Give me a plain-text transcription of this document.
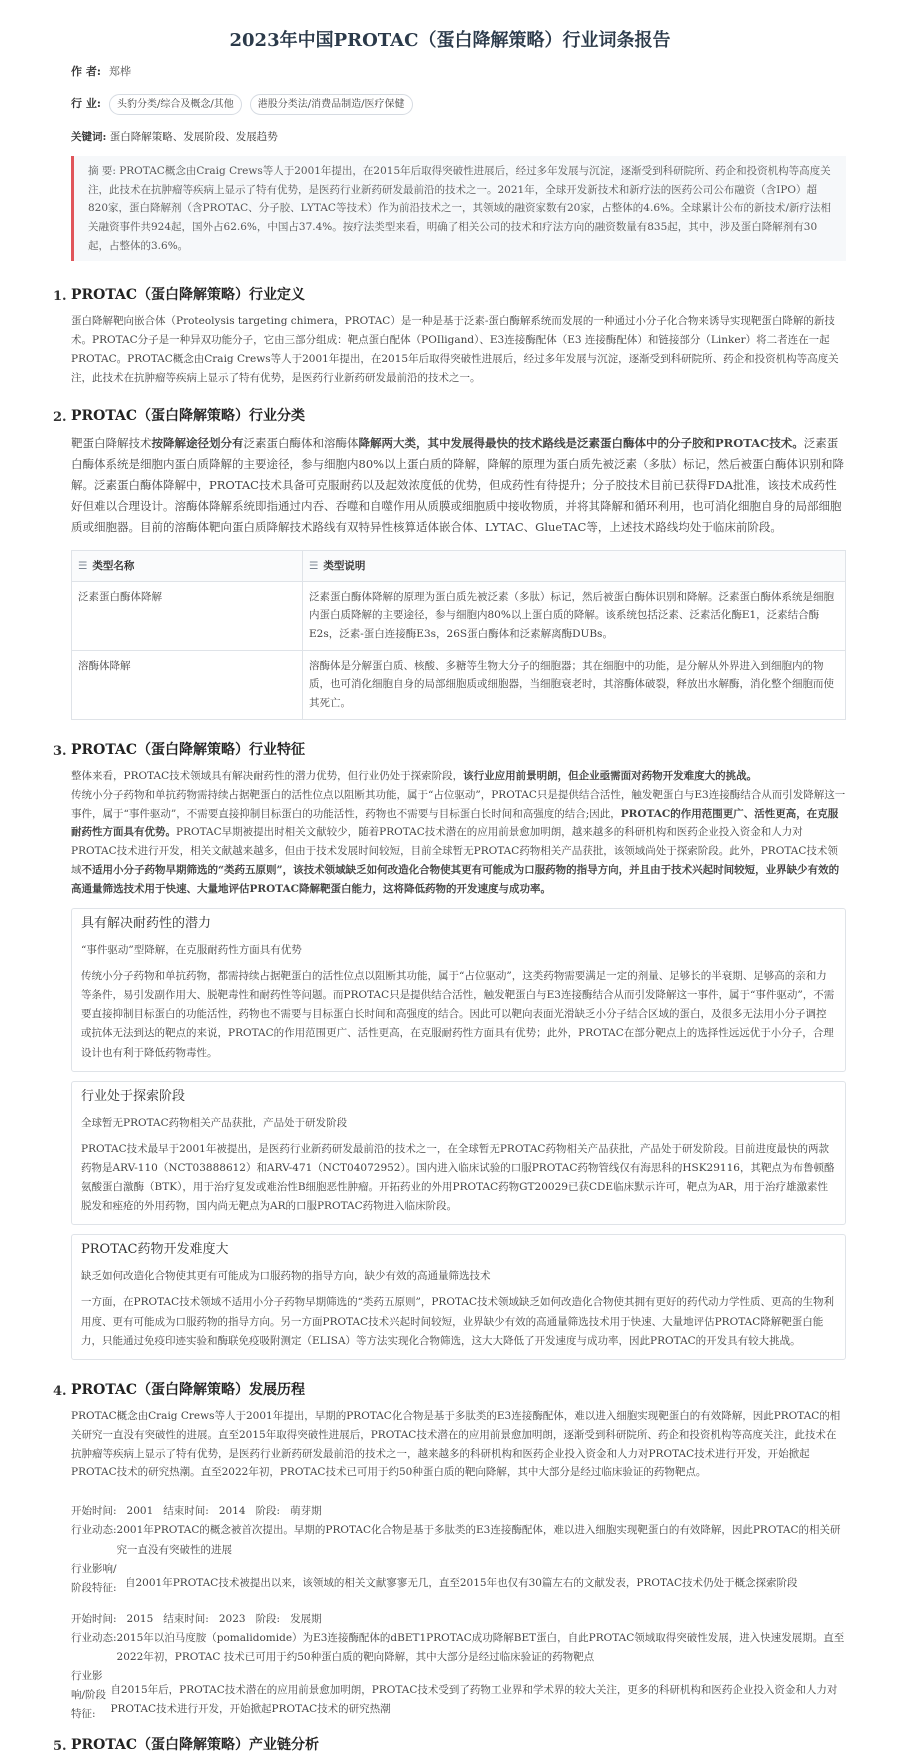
2023年中国PROTAC（蛋白降解策略）行业词条报告
作 者: 郑桦
行 业:	头豹分类/综合及概念/其他	港股分类法/消费品制造/医疗保健
关键词: 蛋白降解策略、发展阶段、发展趋势
摘 要: PROTAC概念由Craig Crews等人于2001年提出，在2015年后取得突破性进展后，经过多年发展与沉淀，逐渐受到科研院所、药企和投资机构等高度关注，此技术在抗肿瘤等疾病上显示了特有优势，是医药行业新药研发最前沿的技术之一。2021年，全球开发新技术和新疗法的医药公司公布融资（含IPO）超820家，蛋白降解剂（含PROTAC、分子胶、LYTAC等技术）作为前沿技术之一，其领域的融资家数有20家，占整体的4.6%。全球累计公布的新技术/新疗法相关融资事件共924起，国外占62.6%，中国占37.4%。按疗法类型来看，明确了相关公司的技术和疗法方向的融资数量有835起，其中，涉及蛋白降解剂有30起，占整体的3.6%。
1. PROTAC（蛋白降解策略）行业定义

蛋白降解靶向嵌合体（Proteolysis targeting chimera，PROTAC）是一种是基于泛素-蛋白酶解系统而发展的一种通过小分子化合物来诱导实现靶蛋白降解的新技术。PROTAC分子是一种异双功能分子，它由三部分组成：靶点蛋白配体（POIligand）、E3连接酶配体（E3 连接酶配体）和链接部分（Linker）将二者连在一起PROTAC。PROTAC概念由Craig Crews等人于2001年提出，在2015年后取得突破性进展后，经过多年发展与沉淀，逐渐受到科研院所、药企和投资机构等高度关注，此技术在抗肿瘤等疾病上显示了特有优势，是医药行业新药研发最前沿的技术之一。

2. PROTAC（蛋白降解策略）行业分类

靶蛋白降解技术按降解途径划分有泛素蛋白酶体和溶酶体降解两大类，其中发展得最快的技术路线是泛素蛋白酶体中的分子胶和PROTAC技术。泛素蛋白酶体系统是细胞内蛋白质降解的主要途径，参与细胞内80%以上蛋白质的降解，降解的原理为蛋白质先被泛素（多肽）标记，然后被蛋白酶体识别和降解。泛素蛋白酶体降解中，PROTAC技术具备可克服耐药以及起效浓度低的优势，但成药性有待提升；分子胶技术目前已获得FDA批准，该技术成药性好但难以合理设计。溶酶体降解系统即指通过内吞、吞噬和自噬作用从质膜或细胞质中接收物质，并将其降解和循环利用，也可消化细胞自身的局部细胞质或细胞器。目前的溶酶体靶向蛋白质降解技术路线有双特异性核算适体嵌合体、LYTAC、GlueTAC等，上述技术路线均处于临床前阶段。

☰ 类型名称	☰ 类型说明
泛素蛋白酶体降解	泛素蛋白酶体降解的原理为蛋白质先被泛素（多肽）标记，然后被蛋白酶体识别和降解。泛素蛋白酶体系统是细胞内蛋白质降解的主要途径，参与细胞内80%以上蛋白质的降解。该系统包括泛素、泛素活化酶E1，泛素结合酶E2s，泛素-蛋白连接酶E3s，26S蛋白酶体和泛素解离酶DUBs。
溶酶体降解	溶酶体是分解蛋白质、核酸、多糖等生物大分子的细胞器；其在细胞中的功能，是分解从外界进入到细胞内的物质，也可消化细胞自身的局部细胞质或细胞器，当细胞衰老时，其溶酶体破裂，释放出水解酶，消化整个细胞而使其死亡。
3. PROTAC（蛋白降解策略）行业特征

整体来看，PROTAC技术领域具有解决耐药性的潜力优势，但行业仍处于探索阶段，该行业应用前景明朗，但企业亟需面对药物开发难度大的挑战。

传统小分子药物和单抗药物需持续占据靶蛋白的活性位点以阻断其功能，属于“占位驱动”，PROTAC只是提供结合活性，触发靶蛋白与E3连接酶结合从而引发降解这一事件，属于“事件驱动”，不需要直接抑制目标蛋白的功能活性，药物也不需要与目标蛋白长时间和高强度的结合;因此，PROTAC的作用范围更广、活性更高，在克服耐药性方面具有优势。PROTAC早期被提出时相关文献较少，随着PROTAC技术潜在的应用前景愈加明朗，越来越多的科研机构和医药企业投入资金和人力对PROTAC技术进行开发，相关文献越来越多，但由于技术发展时间较短，目前全球暂无PROTAC药物相关产品获批，该领域尚处于探索阶段。此外，PROTAC技术领域不适用小分子药物早期筛选的“类药五原则”，该技术领域缺乏如何改造化合物使其更有可能成为口服药物的指导方向，并且由于技术兴起时间较短，业界缺少有效的高通量筛选技术用于快速、大量地评估PROTAC降解靶蛋白能力，这将降低药物的开发速度与成功率。

具有解决耐药性的潜力
“事件驱动”型降解，在克服耐药性方面具有优势
传统小分子药物和单抗药物，都需持续占据靶蛋白的活性位点以阻断其功能，属于“占位驱动”，这类药物需要满足一定的剂量、足够长的半衰期、足够高的亲和力等条件，易引发副作用大、脱靶毒性和耐药性等问题。而PROTAC只是提供结合活性，触发靶蛋白与E3连接酶结合从而引发降解这一事件，属于“事件驱动”，不需要直接抑制目标蛋白的功能活性，药物也不需要与目标蛋白长时间和高强度的结合。因此可以靶向表面光滑缺乏小分子结合区域的蛋白，及很多无法用小分子调控或抗体无法到达的靶点的来说，PROTAC的作用范围更广、活性更高，在克服耐药性方面具有优势；此外，PROTAC在部分靶点上的选择性远远优于小分子，合理设计也有利于降低药物毒性。
行业处于探索阶段
全球暂无PROTAC药物相关产品获批，产品处于研发阶段
PROTAC技术最早于2001年被提出，是医药行业新药研发最前沿的技术之一，在全球暂无PROTAC药物相关产品获批，产品处于研发阶段。目前进度最快的两款药物是ARV-110（NCT03888612）和ARV-471（NCT04072952）。国内进入临床试验的口服PROTAC药物管线仅有海思科的HSK29116，其靶点为布鲁顿酪氨酸蛋白激酶（BTK），用于治疗复发或难治性B细胞恶性肿瘤。开拓药业的外用PROTAC药物GT20029已获CDE临床默示许可，靶点为AR，用于治疗雄激素性脱发和痤疮的外用药物，国内尚无靶点为AR的口服PROTAC药物进入临床阶段。
PROTAC药物开发难度大
缺乏如何改造化合物使其更有可能成为口服药物的指导方向，缺少有效的高通量筛选技术
一方面，在PROTAC技术领域不适用小分子药物早期筛选的“类药五原则”，PROTAC技术领域缺乏如何改造化合物使其拥有更好的药代动力学性质、更高的生物利用度、更有可能成为口服药物的指导方向。另一方面PROTAC技术兴起时间较短，业界缺少有效的高通量筛选技术用于快速、大量地评估PROTAC降解靶蛋白能力，只能通过免疫印迹实验和酶联免疫吸附测定（ELISA）等方法实现化合物筛选，这大大降低了开发速度与成功率，因此PROTAC的开发具有较大挑战。
4. PROTAC（蛋白降解策略）发展历程

PROTAC概念由Craig Crews等人于2001年提出，早期的PROTAC化合物是基于多肽类的E3连接酶配体，难以进入细胞实现靶蛋白的有效降解，因此PROTAC的相关研究一直没有突破性的进展。直至2015年取得突破性进展后，PROTAC技术潜在的应用前景愈加明朗，逐渐受到科研院所、药企和投资机构等高度关注，此技术在抗肿瘤等疾病上显示了特有优势，是医药行业新药研发最前沿的技术之一，越来越多的科研机构和医药企业投入资金和人力对PROTAC技术进行开发，开始掀起PROTAC技术的研究热潮。直至2022年初，PROTAC技术已可用于约50种蛋白质的靶向降解，其中大部分是经过临床验证的药物靶点。

开始时间: 2001 结束时间: 2014 阶段: 萌芽期
行业动态: 2001年PROTAC的概念被首次提出。早期的PROTAC化合物是基于多肽类的E3连接酶配体，难以进入细胞实现靶蛋白的有效降解，因此PROTAC的相关研究一直没有突破性的进展
行业影响/阶段特征: 自2001年PROTAC技术被提出以来，该领域的相关文献寥寥无几，直至2015年也仅有30篇左右的文献发表，PROTAC技术仍处于概念探索阶段
开始时间: 2015 结束时间: 2023 阶段: 发展期
行业动态: 2015年以泊马度胺（pomalidomide）为E3连接酶配体的dBET1PROTAC成功降解BET蛋白，自此PROTAC领域取得突破性发展，进入快速发展期。直至2022年初，PROTAC 技术已可用于约50种蛋白质的靶向降解，其中大部分是经过临床验证的药物靶点
行业影响/阶段特征:
自2015年后，PROTAC技术潜在的应用前景愈加明朗，PROTAC技术受到了药物工业界和学术界的较大关注，更多的科研机构和医药企业投入资金和人力对PROTAC技术进行开发，开始掀起PROTAC技术的研究热潮
5. PROTAC（蛋白降解策略）产业链分析
